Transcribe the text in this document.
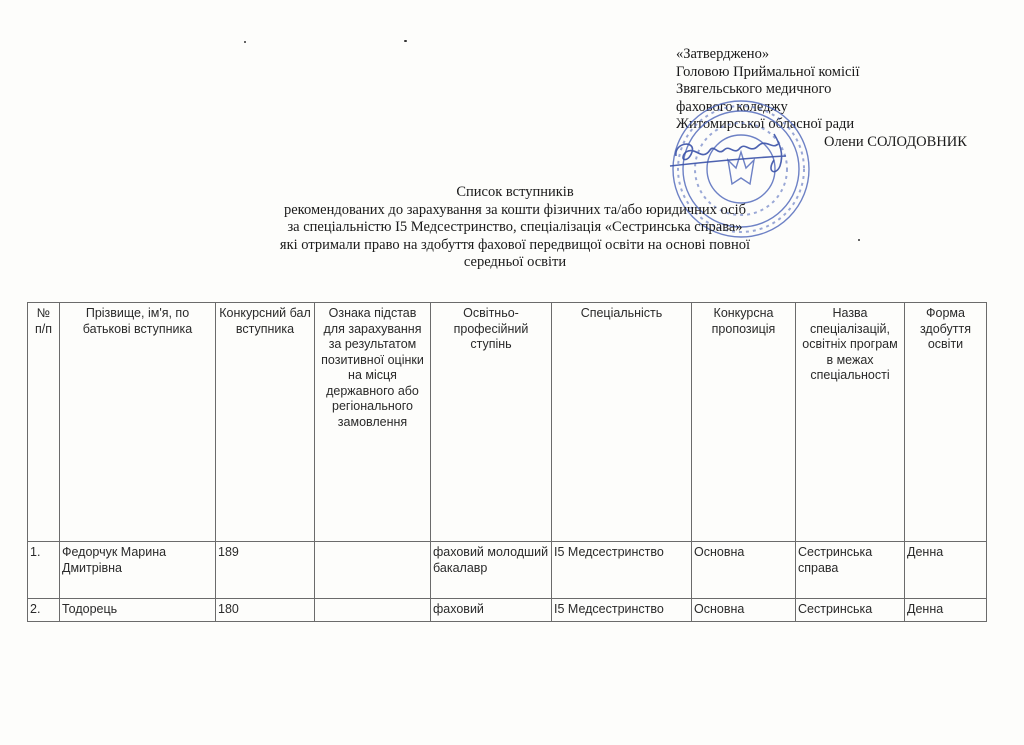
«Затверджено»
Головою Приймальної комісії
Звягельського медичного
фахового коледжу
Житомирської обласної ради
Олени СОЛОДОВНИК
Список вступників
рекомендованих до зарахування за кошти фізичних та/або юридичних осіб
за спеціальністю I5 Медсестринство, спеціалізація «Сестринська справа»
які отримали право на здобуття фахової передвищої освіти на основі повної
середньої освіти
№ п/п	Прізвище, ім'я, по батькові вступника	Конкурсний бал вступника	Ознака підстав для зарахування за результатом позитивної оцінки на місця державного або регіонального замовлення	Освітньо-професійний ступінь	Спеціальність	Конкурсна пропозиція	Назва спеціалізацій, освітніх програм в межах спеціальності	Форма здобуття освіти
1.	Федорчук Марина Дмитрівна	189		фаховий молодший бакалавр	I5 Медсестринство	Основна	Сестринська справа	Денна
2.	Тодорець	180		фаховий	I5 Медсестринство	Основна	Сестринська	Денна
